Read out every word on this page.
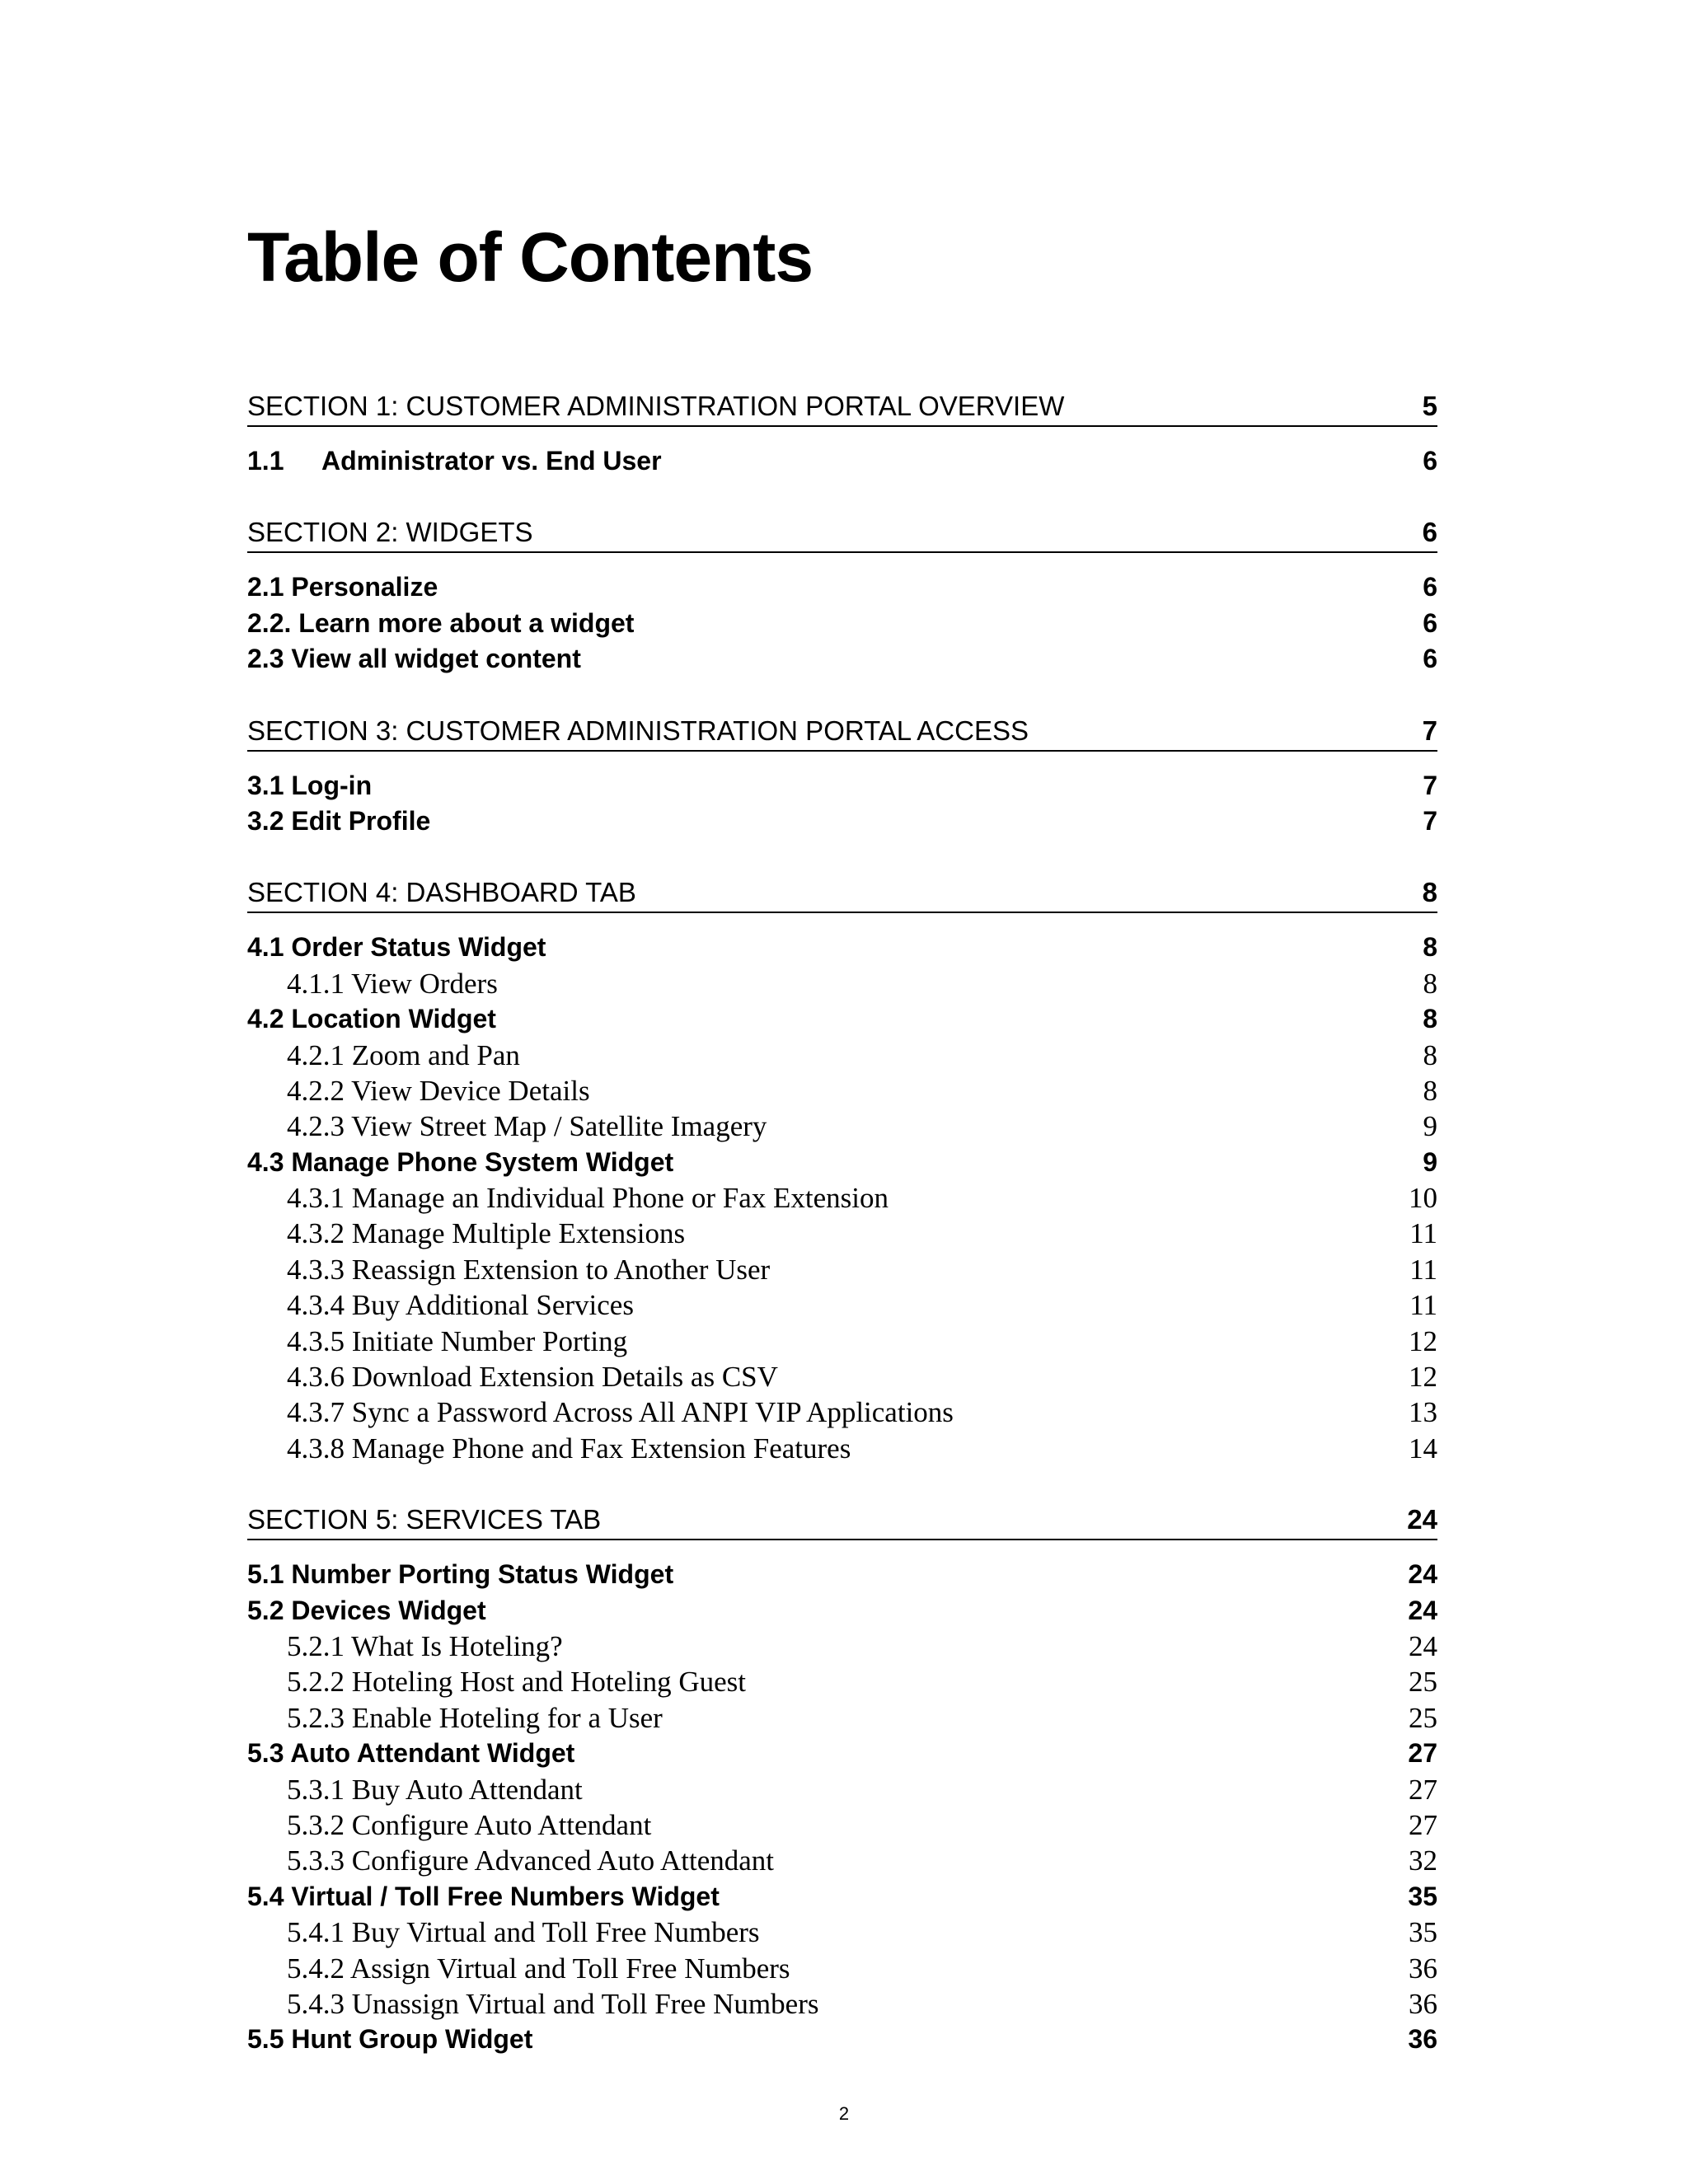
Table of Contents
SECTION 1: CUSTOMER ADMINISTRATION PORTAL OVERVIEW	5
1.1	Administrator vs. End User	6
SECTION 2: WIDGETS	6
2.1 Personalize	6
2.2. Learn more about a widget	6
2.3 View all widget content	6
SECTION 3: CUSTOMER ADMINISTRATION PORTAL ACCESS	7
3.1 Log-in	7
3.2 Edit Profile	7
SECTION 4: DASHBOARD TAB	8
4.1 Order Status Widget	8
4.1.1 View Orders	8
4.2 Location Widget	8
4.2.1 Zoom and Pan	8
4.2.2 View Device Details	8
4.2.3 View Street Map / Satellite Imagery	9
4.3 Manage Phone System Widget	9
4.3.1 Manage an Individual Phone or Fax Extension	10
4.3.2 Manage Multiple Extensions	11
4.3.3 Reassign Extension to Another User	11
4.3.4 Buy Additional Services	11
4.3.5 Initiate Number Porting	12
4.3.6 Download Extension Details as CSV	12
4.3.7 Sync a Password Across All ANPI VIP Applications	13
4.3.8 Manage Phone and Fax Extension Features	14
SECTION 5: SERVICES TAB	24
5.1 Number Porting Status Widget	24
5.2 Devices Widget	24
5.2.1 What Is Hoteling?	24
5.2.2 Hoteling Host and Hoteling Guest	25
5.2.3 Enable Hoteling for a User	25
5.3 Auto Attendant Widget	27
5.3.1 Buy Auto Attendant	27
5.3.2 Configure Auto Attendant	27
5.3.3 Configure Advanced Auto Attendant	32
5.4 Virtual / Toll Free Numbers Widget	35
5.4.1 Buy Virtual and Toll Free Numbers	35
5.4.2 Assign Virtual and Toll Free Numbers	36
5.4.3 Unassign Virtual and Toll Free Numbers	36
5.5 Hunt Group Widget	36
2
